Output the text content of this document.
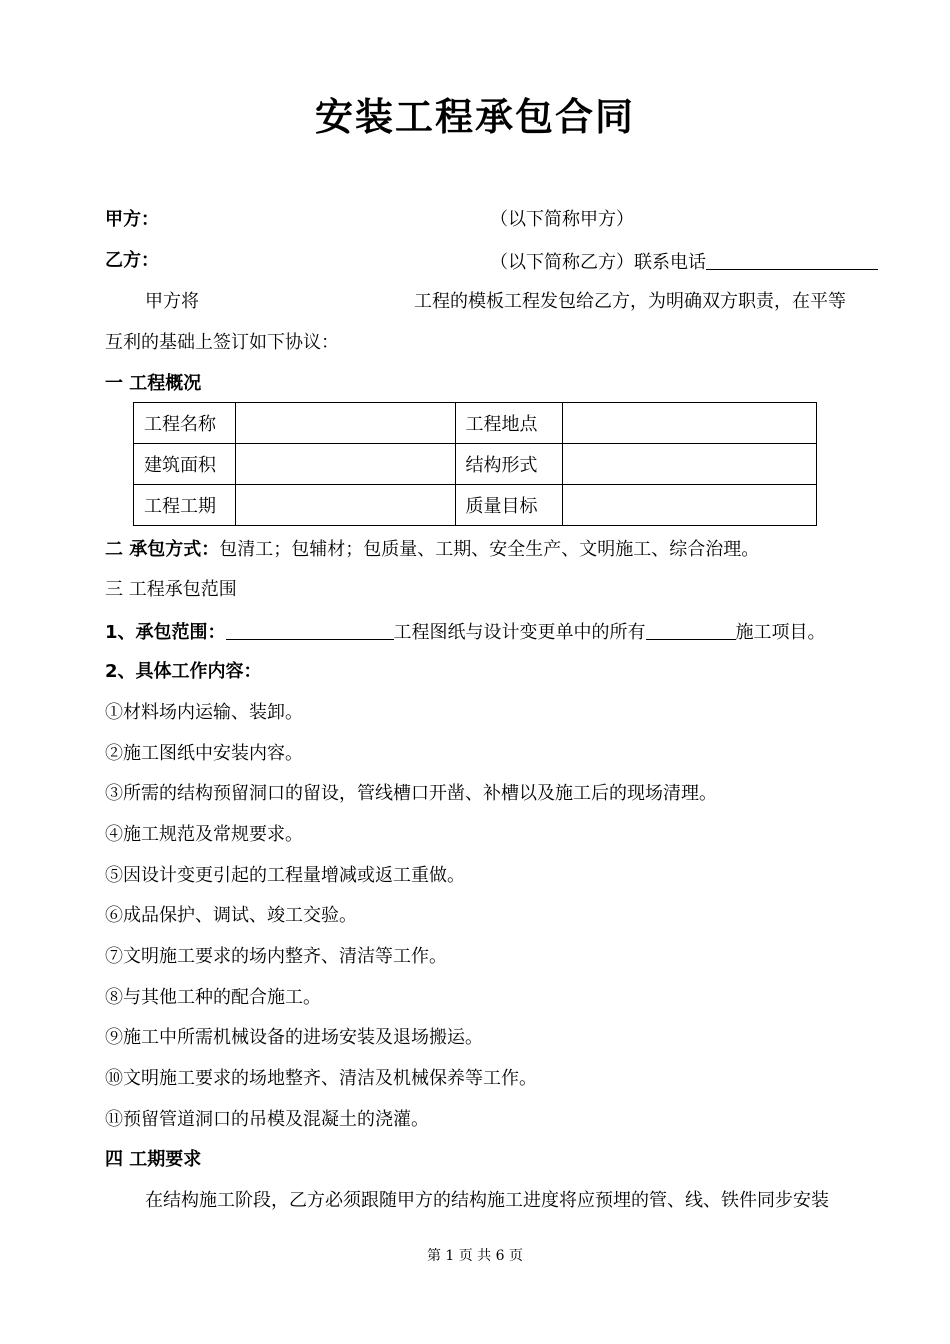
安装工程承包合同
甲方：	（以下简称甲方）
乙方：	（以下简称乙方）联系电话
甲方将	工程的模板工程发包给乙方，为明确双方职责，在平等
互利的基础上签订如下协议：
一 工程概况
工程名称		工程地点	
建筑面积		结构形式	
工程工期		质量目标	
二 承包方式：包清工；包辅材；包质量、工期、安全生产、文明施工、综合治理。
三 工程承包范围
1、承包范围：	工程图纸与设计变更单中的所有	施工项目。
2、具体工作内容：
①材料场内运输、装卸。
②施工图纸中安装内容。
③所需的结构预留洞口的留设，管线槽口开凿、补槽以及施工后的现场清理。
④施工规范及常规要求。
⑤因设计变更引起的工程量增减或返工重做。
⑥成品保护、调试、竣工交验。
⑦文明施工要求的场内整齐、清洁等工作。
⑧与其他工种的配合施工。
⑨施工中所需机械设备的进场安装及退场搬运。
⑩文明施工要求的场地整齐、清洁及机械保养等工作。
⑪预留管道洞口的吊模及混凝土的浇灌。
四 工期要求
在结构施工阶段，乙方必须跟随甲方的结构施工进度将应预埋的管、线、铁件同步安装
第 1 页 共 6 页
